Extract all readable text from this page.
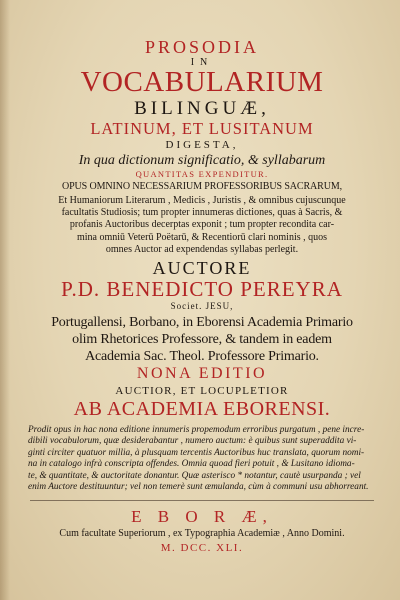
PROSODIA
IN
VOCABULARIUM
BILINGUÆ,
LATINUM, ET LUSITANUM
DIGESTA,
In qua dictionum significatio, & syllabarum
QUANTITAS EXPENDITUR.
OPUS OMNINO NECESSARIUM PROFESSORIBUS SACRARUM,
Et Humaniorum Literarum , Medicis , Juristis , & omnibus cujuscunque
facultatis Studiosis; tum propter innumeras dictiones, quas à Sacris, &
profanis Auctoribus decerptas exponit ; tum propter recondita car-
mina omniū Veterū Poëtarū, & Recentiorū clari nominis , quos
omnes Auctor ad expendendas syllabas perlegit.
AUCTORE
P.D. BENEDICTO PEREYRA
Societ. JESU,
Portugallensi, Borbano, in Eborensi Academia Primario
olim Rhetorices Professore, & tandem in eadem
Academia Sac. Theol. Professore Primario.
NONA EDITIO
AUCTIOR, ET LOCUPLETIOR
AB ACADEMIA EBORENSI.
Prodit opus in hac nona editione innumeris propemodum erroribus purgatum , pene incre-
dibili vocabulorum, quæ desiderabantur , numero auctum: è quibus sunt superaddita vi-
ginti circiter quatuor millia, à plusquam tercentis Auctoribus huc translata, quorum nomi-
na in catalogo infrà conscripta offendes. Omnia quoad fieri potuit , & Lusitano idioma-
te, & quantitate, & auctoritate donantur. Quæ asterisco * notantur, cautè usurpanda ; vel
enim Auctore destituuntur; vel non temerè sunt æmulanda, cùm à communi usu abhorreant.
E B O R Æ,
Cum facultate Superiorum , ex Typographia Academiæ , Anno Domini.
M. DCC. XLI.
